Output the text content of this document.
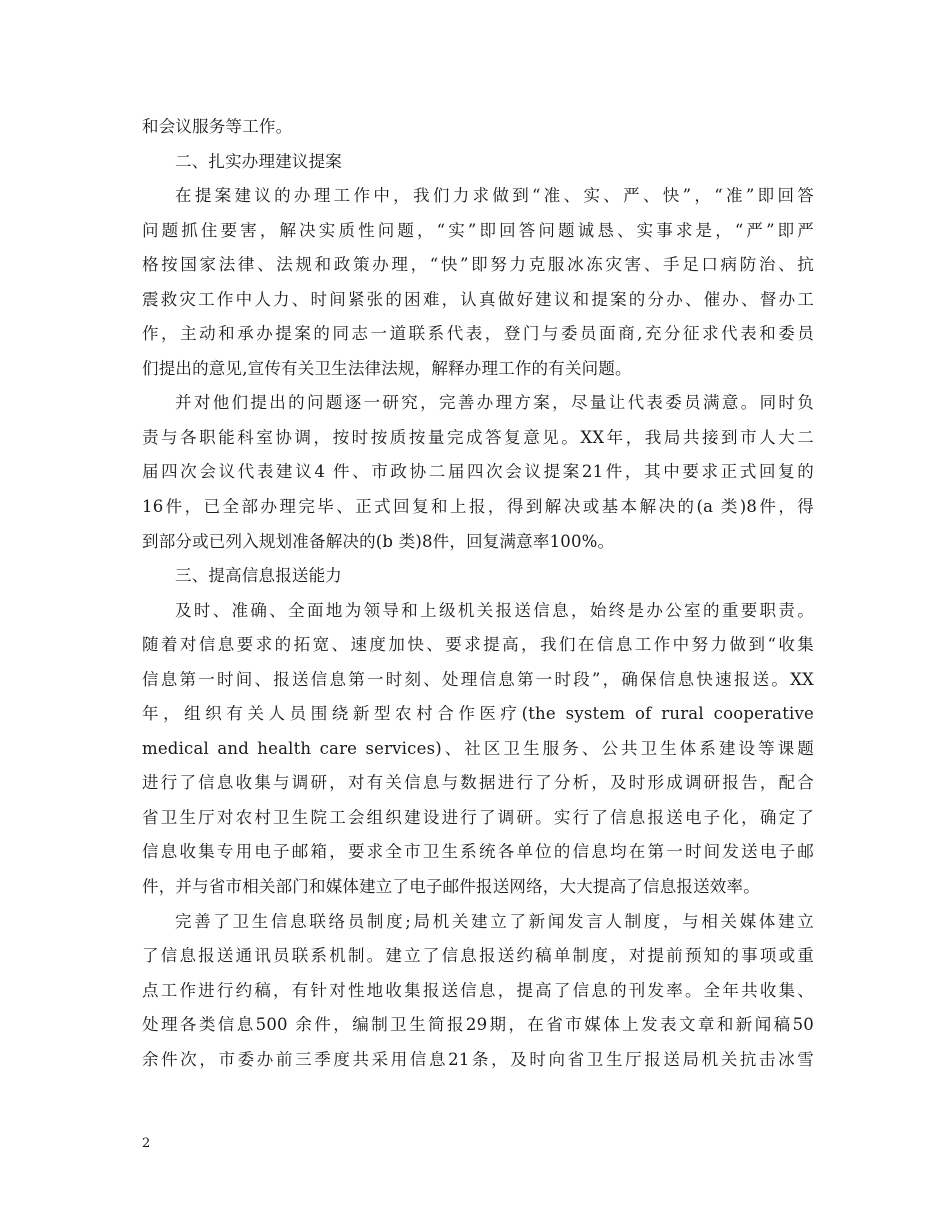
和会议服务等工作。
二、扎实办理建议提案
在提案建议的办理工作中，我们力求做到“准、实、严、快”，“准”即回答
问题抓住要害，解决实质性问题，“实”即回答问题诚恳、实事求是，“严”即严
格按国家法律、法规和政策办理，“快”即努力克服冰冻灾害、手足口病防治、抗
震救灾工作中人力、时间紧张的困难，认真做好建议和提案的分办、催办、督办工
作，主动和承办提案的同志一道联系代表，登门与委员面商,充分征求代表和委员
们提出的意见,宣传有关卫生法律法规，解释办理工作的有关问题。
并对他们提出的问题逐一研究，完善办理方案，尽量让代表委员满意。同时负
责与各职能科室协调，按时按质按量完成答复意见。XX年，我局共接到市人大二
届四次会议代表建议4 件、市政协二届四次会议提案21件，其中要求正式回复的
16件，已全部办理完毕、正式回复和上报，得到解决或基本解决的(a 类)8件，得
到部分或已列入规划准备解决的(b 类)8件，回复满意率100%。
三、提高信息报送能力
及时、准确、全面地为领导和上级机关报送信息，始终是办公室的重要职责。
随着对信息要求的拓宽、速度加快、要求提高，我们在信息工作中努力做到“收集
信息第一时间、报送信息第一时刻、处理信息第一时段”，确保信息快速报送。XX
年，组织有关人员围绕新型农村合作医疗(the system of rural cooperative
medical and health care services)、社区卫生服务、公共卫生体系建设等课题
进行了信息收集与调研，对有关信息与数据进行了分析，及时形成调研报告，配合
省卫生厅对农村卫生院工会组织建设进行了调研。实行了信息报送电子化，确定了
信息收集专用电子邮箱，要求全市卫生系统各单位的信息均在第一时间发送电子邮
件，并与省市相关部门和媒体建立了电子邮件报送网络，大大提高了信息报送效率。
完善了卫生信息联络员制度;局机关建立了新闻发言人制度，与相关媒体建立
了信息报送通讯员联系机制。建立了信息报送约稿单制度，对提前预知的事项或重
点工作进行约稿，有针对性地收集报送信息，提高了信息的刊发率。全年共收集、
处理各类信息500 余件，编制卫生简报29期，在省市媒体上发表文章和新闻稿50
余件次，市委办前三季度共采用信息21条，及时向省卫生厅报送局机关抗击冰雪
2
